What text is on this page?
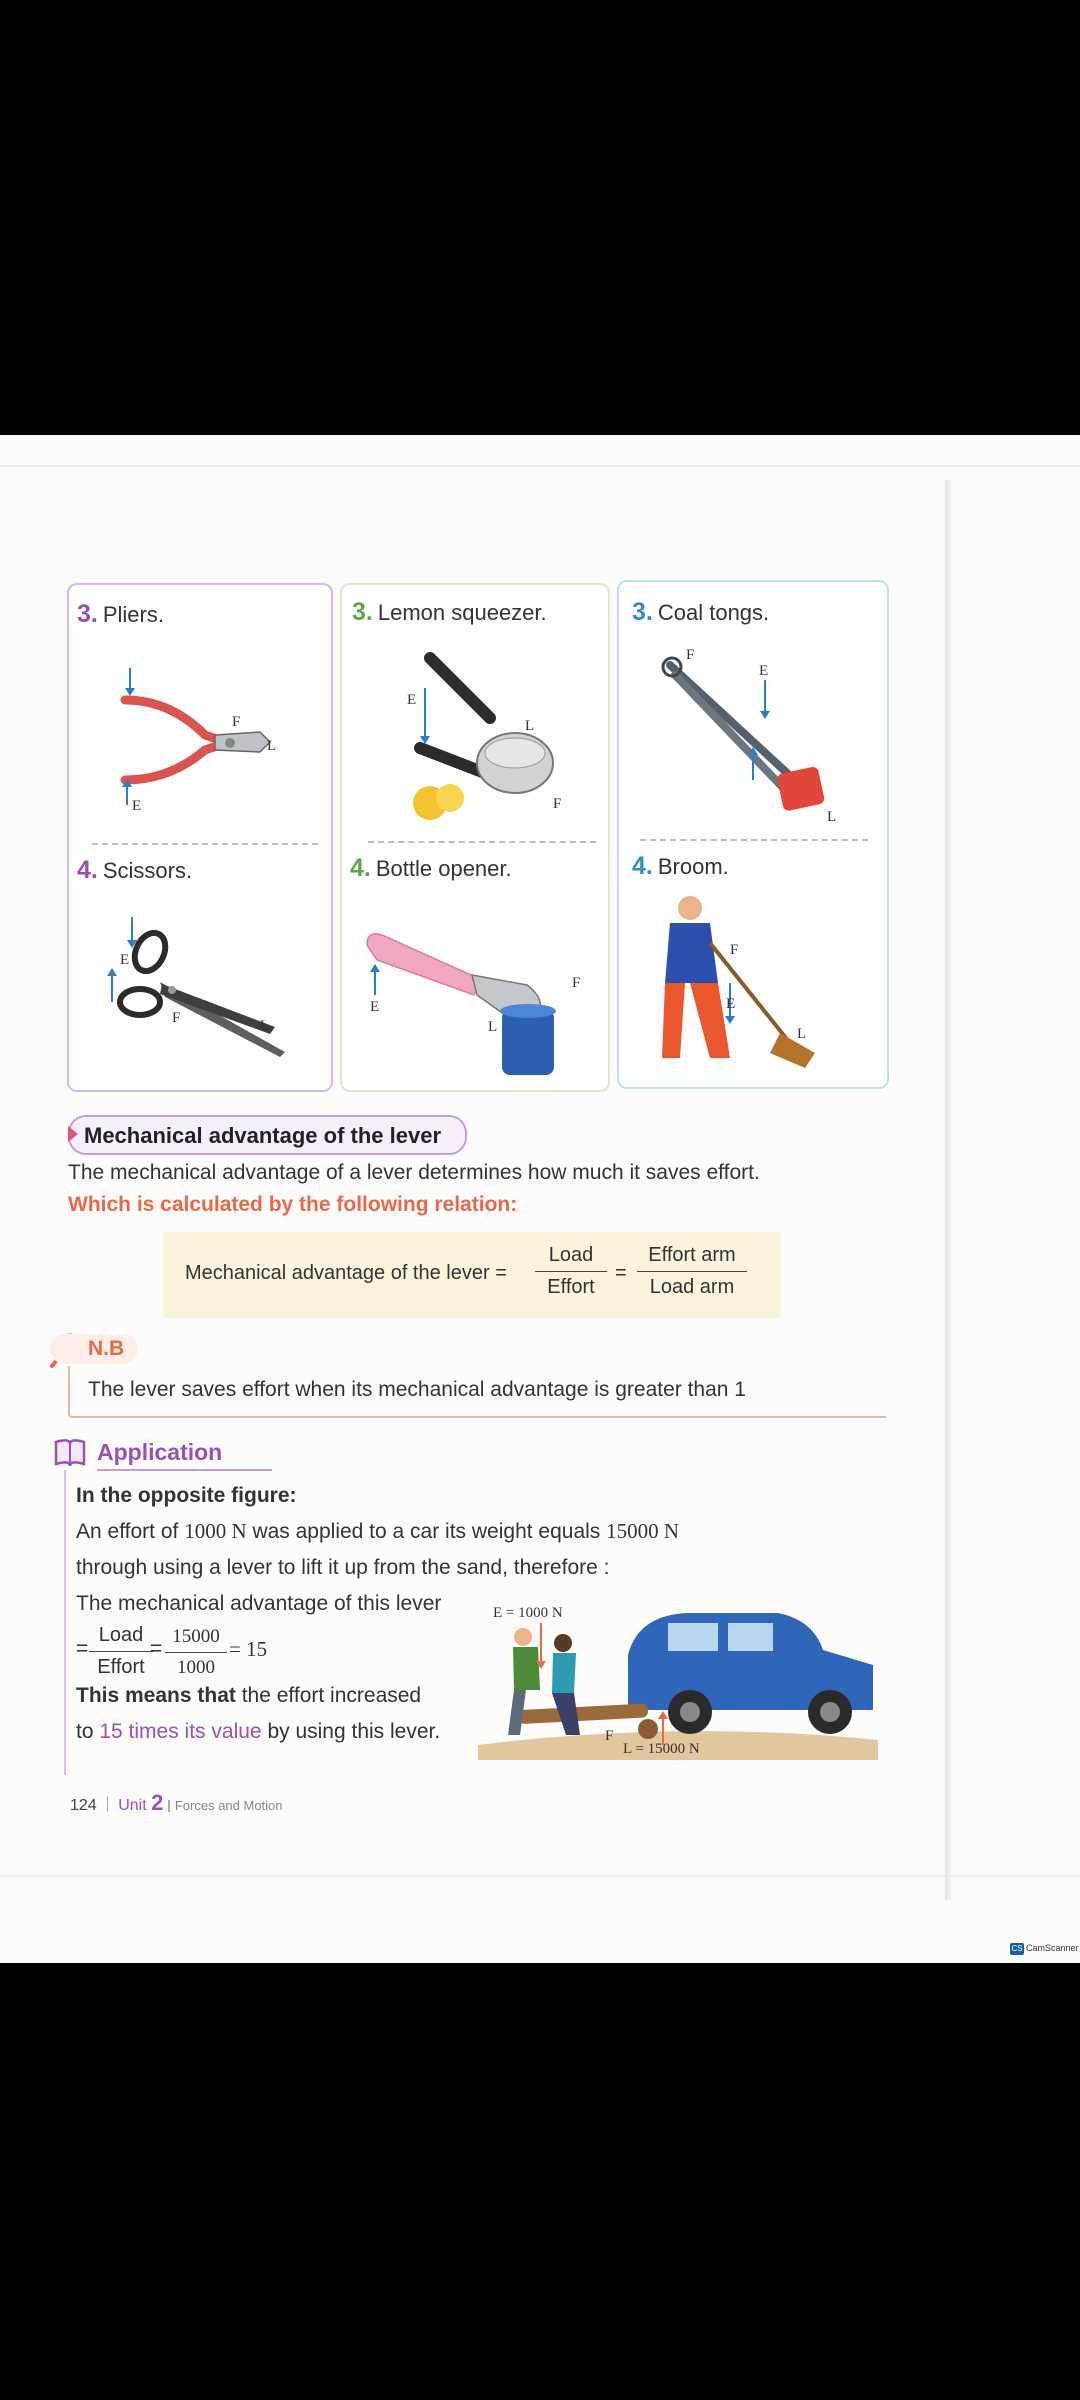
3. Pliers.	3. Lemon squeezer.	3. Coal tongs.
4. Scissors.	4. Bottle opener.	4. Broom.
E
F
L
E
L
F
F
E
L
E
F	L
E
F
L
F
E
L
Mechanical advantage of the lever
The mechanical advantage of a lever determines how much it saves effort.
Which is calculated by the following relation:
Mechanical advantage of the lever =
Load
Effort
=
Effort arm
Load arm
N.B
The lever saves effort when its mechanical advantage is greater than 1
Application
In the opposite figure:
An effort of 1000 N was applied to a car its weight equals 15000 N
through using a lever to lift it up from the sand, therefore :
The mechanical advantage of this lever
=
Load
Effort
= $\frac{15000}{1000} = 15$
This means that the effort increased
to 15 times its value by using this lever.
E = 1000 N
F
L = 15000 N
124 Unit 2 Forces and Motion
CS CamScanner
